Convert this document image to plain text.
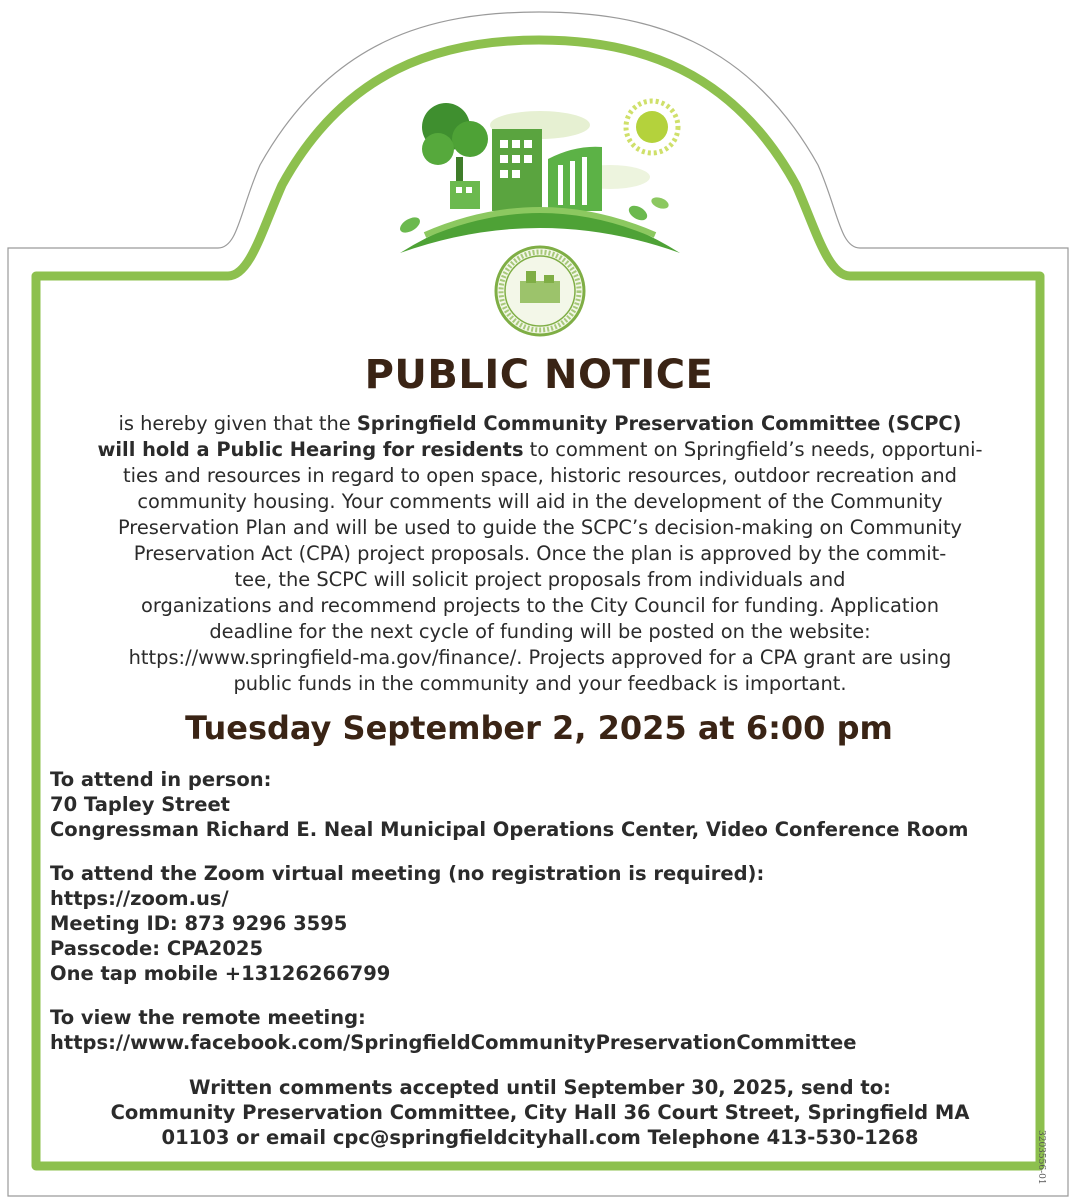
PUBLIC NOTICE

is hereby given that the Springfield Community Preservation Committee (SCPC)

will hold a Public Hearing for residents to comment on Springfield’s needs, opportuni-

ties and resources in regard to open space, historic resources, outdoor recreation and

community housing. Your comments will aid in the development of the Community

Preservation Plan and will be used to guide the SCPC’s decision-making on Community

Preservation Act (CPA) project proposals. Once the plan is approved by the commit-

tee, the SCPC will solicit project proposals from individuals and

organizations and recommend projects to the City Council for funding. Application

deadline for the next cycle of funding will be posted on the website:

https://www.springfield-ma.gov/finance/. Projects approved for a CPA grant are using

public funds in the community and your feedback is important.

Tuesday September 2, 2025 at 6:00 pm
To attend in person:
70 Tapley Street
Congressman Richard E. Neal Municipal Operations Center, Video Conference Room
To attend the Zoom virtual meeting (no registration is required):
https://zoom.us/
Meeting ID: 873 9296 3595
Passcode: CPA2025
One tap mobile +13126266799
To view the remote meeting:
https://www.facebook.com/SpringfieldCommunityPreservationCommittee
Written comments accepted until September 30, 2025, send to:
Community Preservation Committee, City Hall 36 Court Street, Springfield MA
01103 or email cpc@springfieldcityhall.com Telephone 413-530-1268	3203556-01
